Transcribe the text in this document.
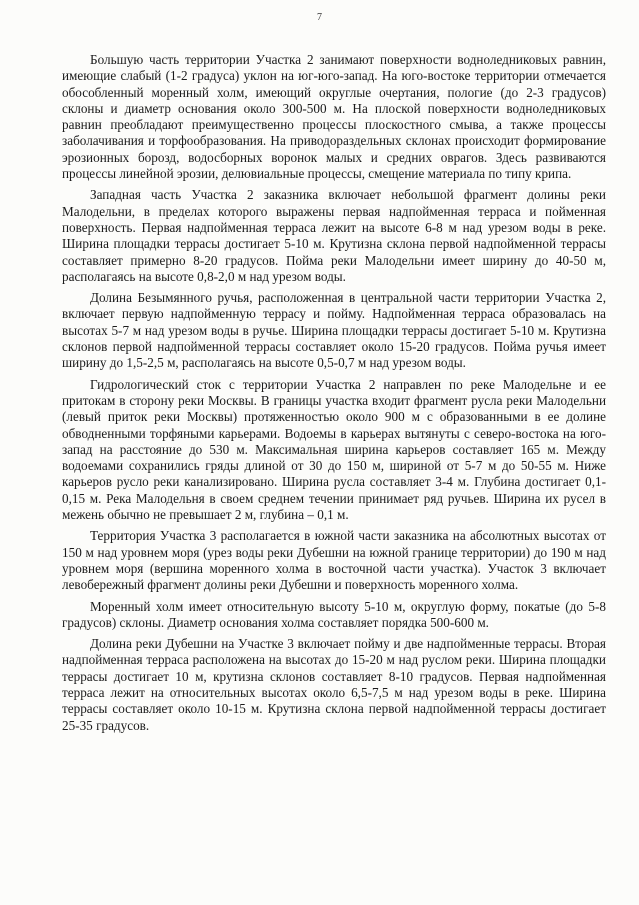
7

Большую часть территории Участка 2 занимают поверхности водноледниковых равнин, имеющие слабый (1-2 градуса) уклон на юг-юго-запад. На юго-востоке территории отмечается обособленный моренный холм, имеющий округлые очертания, пологие (до 2-3 градусов) склоны и диаметр основания около 300-500 м. На плоской поверхности водноледниковых равнин преобладают преимущественно процессы плоскостного смыва, а также процессы заболачивания и торфообразования. На приводораздельных склонах происходит формирование эрозионных борозд, водосборных воронок малых и средних оврагов. Здесь развиваются процессы линейной эрозии, делювиальные процессы, смещение материала по типу крипа.

Западная часть Участка 2 заказника включает небольшой фрагмент долины реки Малодельни, в пределах которого выражены первая надпойменная терраса и пойменная поверхность. Первая надпойменная терраса лежит на высоте 6-8 м над урезом воды в реке. Ширина площадки террасы достигает 5-10 м. Крутизна склона первой надпойменной террасы составляет примерно 8-20 градусов. Пойма реки Малодельни имеет ширину до 40-50 м, располагаясь на высоте 0,8-2,0 м над урезом воды.

Долина Безымянного ручья, расположенная в центральной части территории Участка 2, включает первую надпойменную террасу и пойму. Надпойменная терраса образовалась на высотах 5-7 м над урезом воды в ручье. Ширина площадки террасы достигает 5-10 м. Крутизна склонов первой надпойменной террасы составляет около 15-20 градусов. Пойма ручья имеет ширину до 1,5-2,5 м, располагаясь на высоте 0,5-0,7 м над урезом воды.

Гидрологический сток с территории Участка 2 направлен по реке Малодельне и ее притокам в сторону реки Москвы. В границы участка входит фрагмент русла реки Малодельни (левый приток реки Москвы) протяженностью около 900 м с образованными в ее долине обводненными торфяными карьерами. Водоемы в карьерах вытянуты с северо-востока на юго-запад на расстояние до 530 м. Максимальная ширина карьеров составляет 165 м. Между водоемами сохранились гряды длиной от 30 до 150 м, шириной от 5-7 м до 50-55 м. Ниже карьеров русло реки канализировано. Ширина русла составляет 3-4 м. Глубина достигает 0,1-0,15 м. Река Малодельня в своем среднем течении принимает ряд ручьев. Ширина их русел в межень обычно не превышает 2 м, глубина – 0,1 м.

Территория Участка 3 располагается в южной части заказника на абсолютных высотах от 150 м над уровнем моря (урез воды реки Дубешни на южной границе территории) до 190 м над уровнем моря (вершина моренного холма в восточной части участка). Участок 3 включает левобережный фрагмент долины реки Дубешни и поверхность моренного холма.

Моренный холм имеет относительную высоту 5-10 м, округлую форму, покатые (до 5-8 градусов) склоны. Диаметр основания холма составляет порядка 500-600 м.

Долина реки Дубешни на Участке 3 включает пойму и две надпойменные террасы. Вторая надпойменная терраса расположена на высотах до 15-20 м над руслом реки. Ширина площадки террасы достигает 10 м, крутизна склонов составляет 8-10 градусов. Первая надпойменная терраса лежит на относительных высотах около 6,5-7,5 м над урезом воды в реке. Ширина террасы составляет около 10-15 м. Крутизна склона первой надпойменной террасы достигает 25-35 градусов.
